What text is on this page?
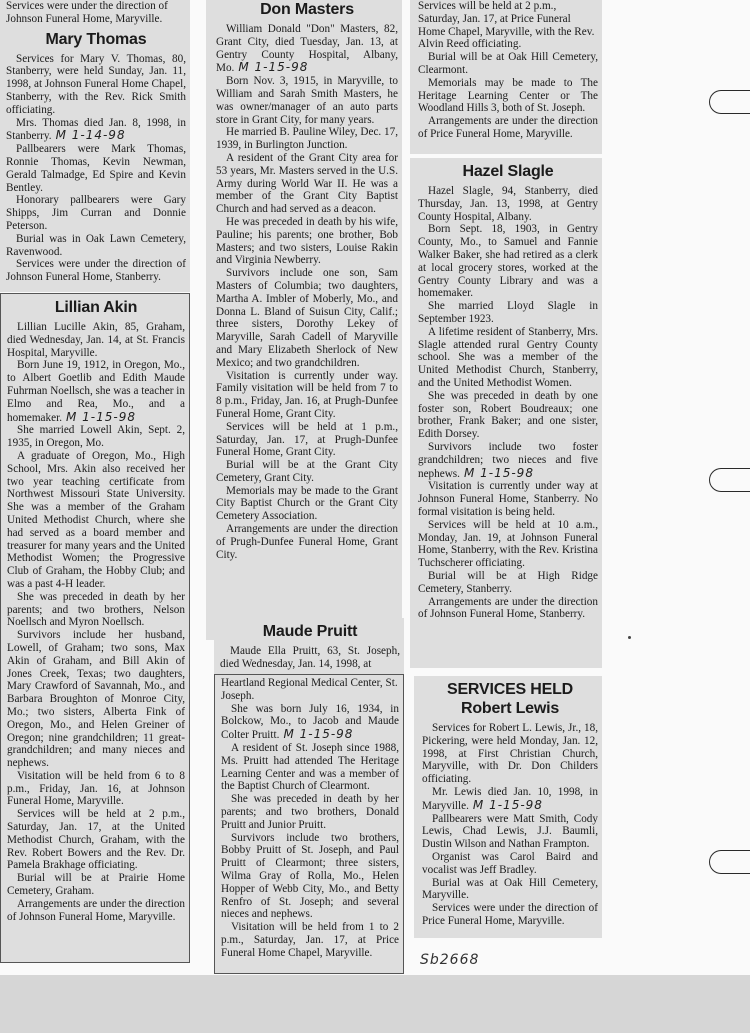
Services were under the direction of Johnson Funeral Home, Maryville.

Mary Thomas

Services for Mary V. Thomas, 80, Stanberry, were held Sunday, Jan. 11, 1998, at Johnson Funeral Home Chapel, Stanberry, with the Rev. Rick Smith officiating.

Mrs. Thomas died Jan. 8, 1998, in Stanberry. M 1-14-98

Pallbearers were Mark Thomas, Ronnie Thomas, Kevin Newman, Gerald Talmadge, Ed Spire and Kevin Bentley.

Honorary pallbearers were Gary Shipps, Jim Curran and Donnie Peterson.

Burial was in Oak Lawn Cemetery, Ravenwood.

Services were under the direction of Johnson Funeral Home, Stanberry.

Lillian Akin

Lillian Lucille Akin, 85, Graham, died Wednesday, Jan. 14, at St. Francis Hospital, Maryville.

Born June 19, 1912, in Oregon, Mo., to Albert Goetlib and Edith Maude Fuhrman Noellsch, she was a teacher in Elmo and Rea, Mo., and a homemaker. M 1-15-98

She married Lowell Akin, Sept. 2, 1935, in Oregon, Mo.

A graduate of Oregon, Mo., High School, Mrs. Akin also received her two year teaching certificate from Northwest Missouri State University. She was a member of the Graham United Methodist Church, where she had served as a board member and treasurer for many years and the United Methodist Women; the Progressive Club of Graham, the Hobby Club; and was a past 4-H leader.

She was preceded in death by her parents; and two brothers, Nelson Noellsch and Myron Noellsch.

Survivors include her husband, Lowell, of Graham; two sons, Max Akin of Graham, and Bill Akin of Jones Creek, Texas; two daughters, Mary Crawford of Savannah, Mo., and Barbara Broughton of Monroe City, Mo.; two sisters, Alberta Fink of Oregon, Mo., and Helen Greiner of Oregon; nine grandchildren; 11 great-grandchildren; and many nieces and nephews.

Visitation will be held from 6 to 8 p.m., Friday, Jan. 16, at Johnson Funeral Home, Maryville.

Services will be held at 2 p.m., Saturday, Jan. 17, at the United Methodist Church, Graham, with the Rev. Robert Bowers and the Rev. Dr. Pamela Brakhage officiating.

Burial will be at Prairie Home Cemetery, Graham.

Arrangements are under the direction of Johnson Funeral Home, Maryville.

Don Masters

William Donald "Don" Masters, 82, Grant City, died Tuesday, Jan. 13, at Gentry County Hospital, Albany, Mo. M 1-15-98

Born Nov. 3, 1915, in Maryville, to William and Sarah Smith Masters, he was owner/manager of an auto parts store in Grant City, for many years.

He married B. Pauline Wiley, Dec. 17, 1939, in Burlington Junction.

A resident of the Grant City area for 53 years, Mr. Masters served in the U.S. Army during World War II. He was a member of the Grant City Baptist Church and had served as a deacon.

He was preceded in death by his wife, Pauline; his parents; one brother, Bob Masters; and two sisters, Louise Rakin and Virginia Newberry.

Survivors include one son, Sam Masters of Columbia; two daughters, Martha A. Imbler of Moberly, Mo., and Donna L. Bland of Suisun City, Calif.; three sisters, Dorothy Lekey of Maryville, Sarah Cadell of Maryville and Mary Elizabeth Sherlock of New Mexico; and two grandchildren.

Visitation is currently under way. Family visitation will be held from 7 to 8 p.m., Friday, Jan. 16, at Prugh-Dunfee Funeral Home, Grant City.

Services will be held at 1 p.m., Saturday, Jan. 17, at Prugh-Dunfee Funeral Home, Grant City.

Burial will be at the Grant City Cemetery, Grant City.

Memorials may be made to the Grant City Baptist Church or the Grant City Cemetery Association.

Arrangements are under the direction of Prugh-Dunfee Funeral Home, Grant City.

Maude Pruitt

Maude Ella Pruitt, 63, St. Joseph, died Wednesday, Jan. 14, 1998, at

Heartland Regional Medical Center, St. Joseph.

She was born July 16, 1934, in Bolckow, Mo., to Jacob and Maude Colter Pruitt. M 1-15-98

A resident of St. Joseph since 1988, Ms. Pruitt had attended The Heritage Learning Center and was a member of the Baptist Church of Clearmont.

She was preceded in death by her parents; and two brothers, Donald Pruitt and Junior Pruitt.

Survivors include two brothers, Bobby Pruitt of St. Joseph, and Paul Pruitt of Clearmont; three sisters, Wilma Gray of Rolla, Mo., Helen Hopper of Webb City, Mo., and Betty Renfro of St. Joseph; and several nieces and nephews.

Visitation will be held from 1 to 2 p.m., Saturday, Jan. 17, at Price Funeral Home Chapel, Maryville.

Services will be held at 2 p.m., Saturday, Jan. 17, at Price Funeral Home Chapel, Maryville, with the Rev. Alvin Reed officiating.

Burial will be at Oak Hill Cemetery, Clearmont.

Memorials may be made to The Heritage Learning Center or The Woodland Hills 3, both of St. Joseph.

Arrangements are under the direction of Price Funeral Home, Maryville.

Hazel Slagle

Hazel Slagle, 94, Stanberry, died Thursday, Jan. 13, 1998, at Gentry County Hospital, Albany.

Born Sept. 18, 1903, in Gentry County, Mo., to Samuel and Fannie Walker Baker, she had retired as a clerk at local grocery stores, worked at the Gentry County Library and was a homemaker.

She married Lloyd Slagle in September 1923.

A lifetime resident of Stanberry, Mrs. Slagle attended rural Gentry County school. She was a member of the United Methodist Church, Stanberry, and the United Methodist Women.

She was preceded in death by one foster son, Robert Boudreaux; one brother, Frank Baker; and one sister, Edith Dorsey.

Survivors include two foster grandchildren; two nieces and five nephews. M 1-15-98

Visitation is currently under way at Johnson Funeral Home, Stanberry. No formal visitation is being held.

Services will be held at 10 a.m., Monday, Jan. 19, at Johnson Funeral Home, Stanberry, with the Rev. Kristina Tuchscherer officiating.

Burial will be at High Ridge Cemetery, Stanberry.

Arrangements are under the direction of Johnson Funeral Home, Stanberry.

SERVICES HELD
Robert Lewis

Services for Robert L. Lewis, Jr., 18, Pickering, were held Monday, Jan. 12, 1998, at First Christian Church, Maryville, with Dr. Don Childers officiating.

Mr. Lewis died Jan. 10, 1998, in Maryville. M 1-15-98

Pallbearers were Matt Smith, Cody Lewis, Chad Lewis, J.J. Baumli, Dustin Wilson and Nathan Frampton.

Organist was Carol Baird and vocalist was Jeff Bradley.

Burial was at Oak Hill Cemetery, Maryville.

Services were under the direction of Price Funeral Home, Maryville.

Sb2668
